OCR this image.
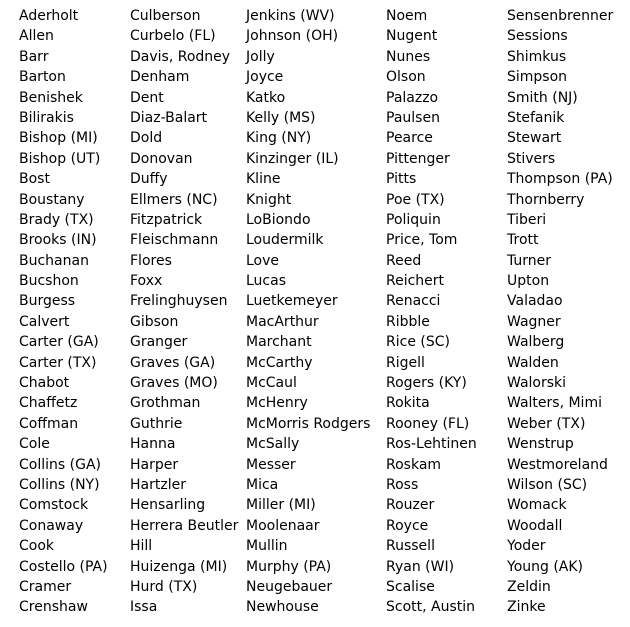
Aderholt
Allen
Barr
Barton
Benishek
Bilirakis
Bishop (MI)
Bishop (UT)
Bost
Boustany
Brady (TX)
Brooks (IN)
Buchanan
Bucshon
Burgess
Calvert
Carter (GA)
Carter (TX)
Chabot
Chaffetz
Coffman
Cole
Collins (GA)
Collins (NY)
Comstock
Conaway
Cook
Costello (PA)
Cramer
Crenshaw
Culberson
Curbelo (FL)
Davis, Rodney
Denham
Dent
Diaz-Balart
Dold
Donovan
Duffy
Ellmers (NC)
Fitzpatrick
Fleischmann
Flores
Foxx
Frelinghuysen
Gibson
Granger
Graves (GA)
Graves (MO)
Grothman
Guthrie
Hanna
Harper
Hartzler
Hensarling
Herrera Beutler
Hill
Huizenga (MI)
Hurd (TX)
Issa
Jenkins (WV)
Johnson (OH)
Jolly
Joyce
Katko
Kelly (MS)
King (NY)
Kinzinger (IL)
Kline
Knight
LoBiondo
Loudermilk
Love
Lucas
Luetkemeyer
MacArthur
Marchant
McCarthy
McCaul
McHenry
McMorris Rodgers
McSally
Messer
Mica
Miller (MI)
Moolenaar
Mullin
Murphy (PA)
Neugebauer
Newhouse
Noem
Nugent
Nunes
Olson
Palazzo
Paulsen
Pearce
Pittenger
Pitts
Poe (TX)
Poliquin
Price, Tom
Reed
Reichert
Renacci
Ribble
Rice (SC)
Rigell
Rogers (KY)
Rokita
Rooney (FL)
Ros-Lehtinen
Roskam
Ross
Rouzer
Royce
Russell
Ryan (WI)
Scalise
Scott, Austin
Sensenbrenner
Sessions
Shimkus
Simpson
Smith (NJ)
Stefanik
Stewart
Stivers
Thompson (PA)
Thornberry
Tiberi
Trott
Turner
Upton
Valadao
Wagner
Walberg
Walden
Walorski
Walters, Mimi
Weber (TX)
Wenstrup
Westmoreland
Wilson (SC)
Womack
Woodall
Yoder
Young (AK)
Zeldin
Zinke
